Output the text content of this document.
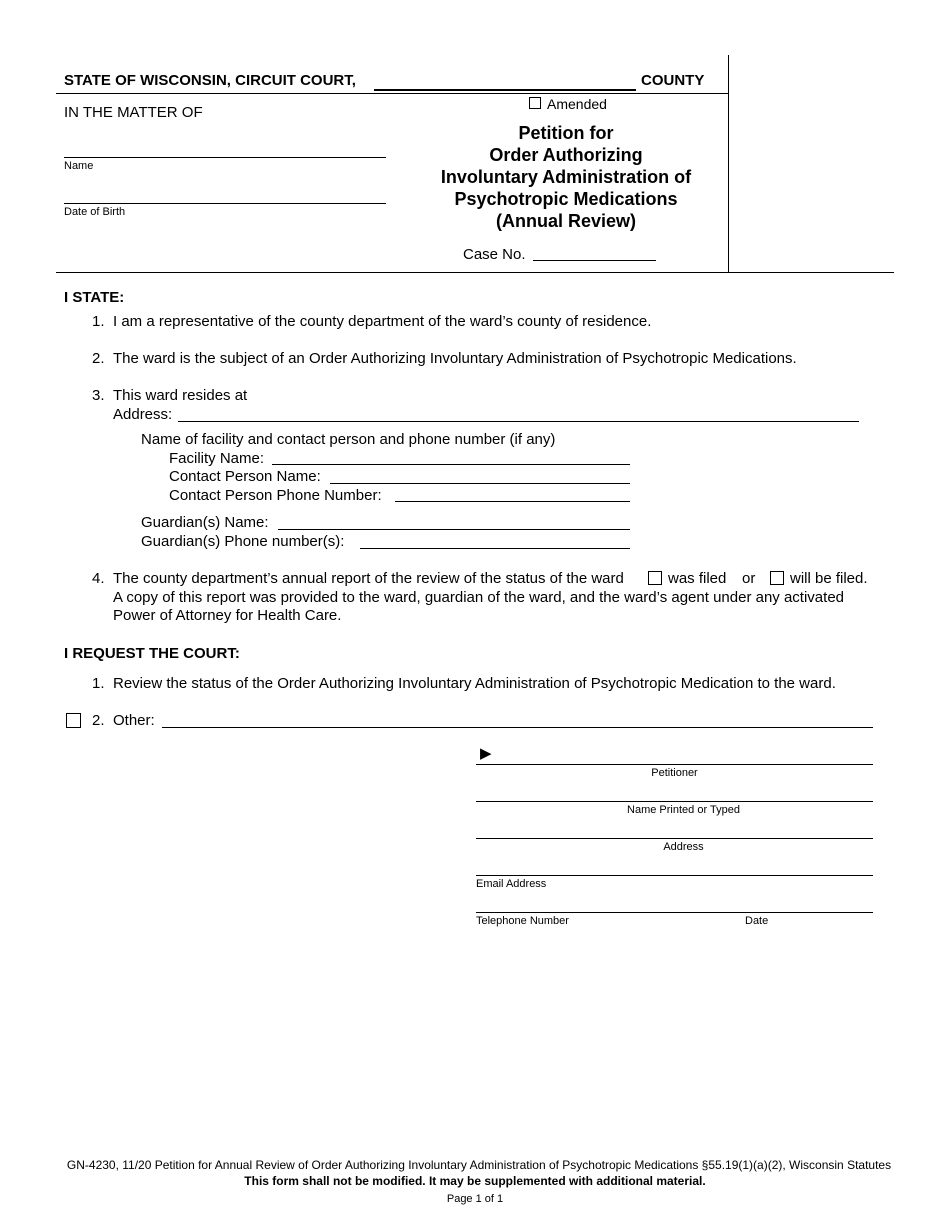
STATE OF WISCONSIN, CIRCUIT COURT,	COUNTY
IN THE MATTER OF
Name
Date of Birth
Amended
Petition for
Order Authorizing
Involuntary Administration of
Psychotropic Medications
(Annual Review)
Case No.
I STATE:
1. I am a representative of the county department of the ward’s county of residence.
2. The ward is the subject of an Order Authorizing Involuntary Administration of Psychotropic Medications.
3. This ward resides at
Address:
Name of facility and contact person and phone number (if any)
Facility Name:
Contact Person Name:
Contact Person Phone Number:
Guardian(s) Name:
Guardian(s) Phone number(s):
4. The county department’s annual report of the review of the status of the ward	was filed or will be filed.
A copy of this report was provided to the ward, guardian of the ward, and the ward’s agent under any activated
Power of Attorney for Health Care.
I REQUEST THE COURT:
1. Review the status of the Order Authorizing Involuntary Administration of Psychotropic Medication to the ward.
2. Other:
▶
Petitioner
Name Printed or Typed
Address
Email Address
Telephone Number	Date
GN-4230, 11/20 Petition for Annual Review of Order Authorizing Involuntary Administration of Psychotropic Medications §55.19(1)(a)(2), Wisconsin Statutes
This form shall not be modified. It may be supplemented with additional material.
Page 1 of 1
